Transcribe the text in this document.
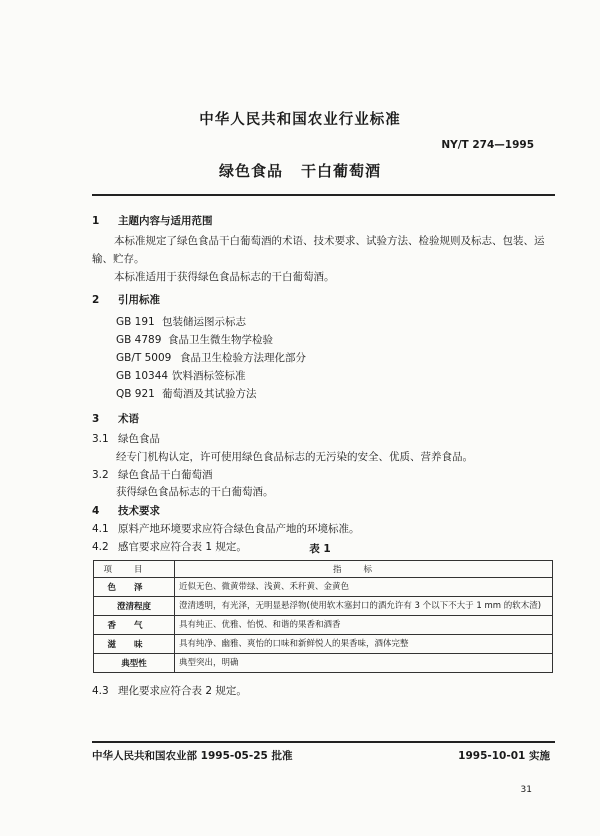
中华人民共和国农业行业标准
NY/T 274—1995
绿色食品 干白葡萄酒
1 主题内容与适用范围
本标准规定了绿色食品干白葡萄酒的术语、技术要求、试验方法、检验规则及标志、包装、运输、贮存。
本标准适用于获得绿色食品标志的干白葡萄酒。
2 引用标准
GB 191 包装储运图示标志
GB 4789 食品卫生微生物学检验
GB/T 5009 食品卫生检验方法理化部分
GB 10344 饮料酒标签标准
QB 921 葡萄酒及其试验方法
3 术语
3.1 绿色食品
经专门机构认定，许可使用绿色食品标志的无污染的安全、优质、营养食品。
3.2 绿色食品干白葡萄酒
获得绿色食品标志的干白葡萄酒。
4 技术要求
4.1 原料产地环境要求应符合绿色食品产地的环境标准。
4.2 感官要求应符合表 1 规定。	表 1
项目	指标
色泽	近似无色、微黄带绿、浅黄、禾秆黄、金黄色
澄清程度	澄清透明，有光泽，无明显悬浮物(使用软木塞封口的酒允许有 3 个以下不大于 1 mm 的软木渣)
香气	具有纯正、优雅、怡悦、和谐的果香和酒香
滋味	具有纯净、幽雅、爽怡的口味和新鲜悦人的果香味，酒体完整
典型性	典型突出，明确
4.3 理化要求应符合表 2 规定。
中华人民共和国农业部 1995-05-25 批准	1995-10-01 实施
31
